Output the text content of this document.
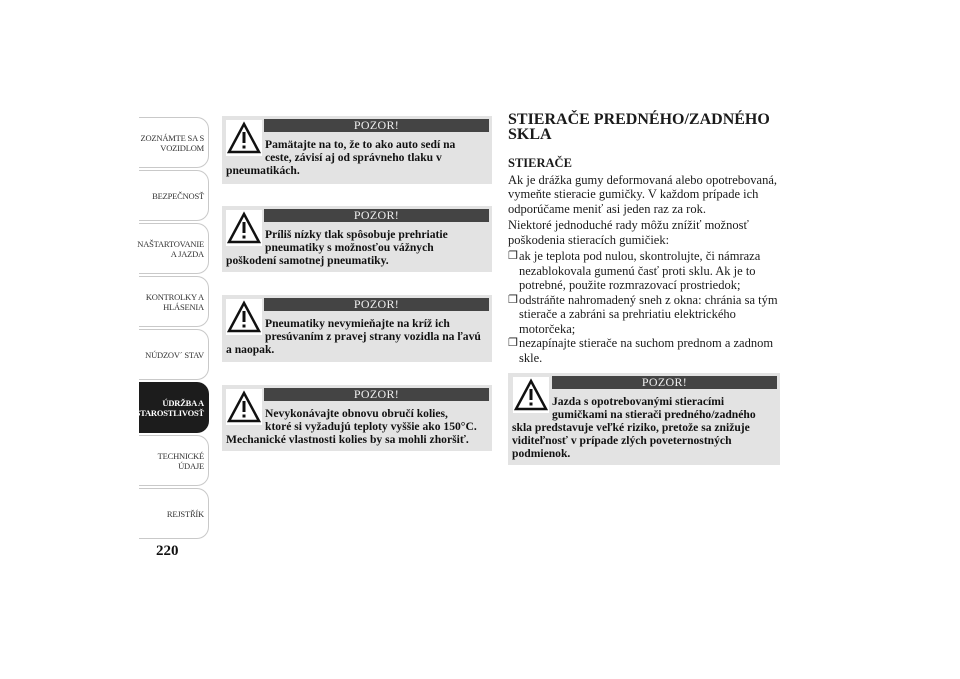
ZOZNÁMTE SA S
VOZIDLOM
BEZPEČNOSŤ
NAŠTARTOVANIE
A JAZDA
KONTROLKY A
HLÁSENIA
NÚDZOV´ STAV
ÚDRŽBA A
STAROSTLIVOSŤ
TECHNICKÉ
ÚDAJE
REJSTŘÍK
220
POZOR!
Pamätajte na to, že to ako auto sedí na
ceste, závisí aj od správneho tlaku v
pneumatikách.
POZOR!
Príliš nízky tlak spôsobuje prehriatie
pneumatiky s možnosťou vážnych
poškodení samotnej pneumatiky.
POZOR!
Pneumatiky nevymieňajte na kríž ich
presúvaním z pravej strany vozidla na ľavú
a naopak.
POZOR!
Nevykonávajte obnovu obručí kolies,
ktoré si vyžadujú teploty vyššie ako 150°C.
Mechanické vlastnosti kolies by sa mohli zhoršiť.
STIERAČE PREDNÉHO/ZADNÉHO
SKLA
STIERAČE

Ak je drážka gumy deformovaná alebo opotrebovaná, vymeňte stieracie gumičky. V každom prípade ich odporúčame meniť asi jeden raz za rok.

Niektoré jednoduché rady môžu znížiť možnosť poškodenia stieracích gumičiek:

❐ ak je teplota pod nulou, skontrolujte, či námraza nezablokovala gumenú časť proti sklu. Ak je to potrebné, použite rozmrazovací prostriedok;

❐ odstráňte nahromadený sneh z okna: chránia sa tým stierače a zabráni sa prehriatiu elektrického motorčeka;

❐ nezapínajte stierače na suchom prednom a zadnom skle.

POZOR!
Jazda s opotrebovanými stieracími
gumičkami na stierači predného/zadného
skla predstavuje veľké riziko, pretože sa znižuje
viditeľnosť v prípade zlých poveternostných
podmienok.
